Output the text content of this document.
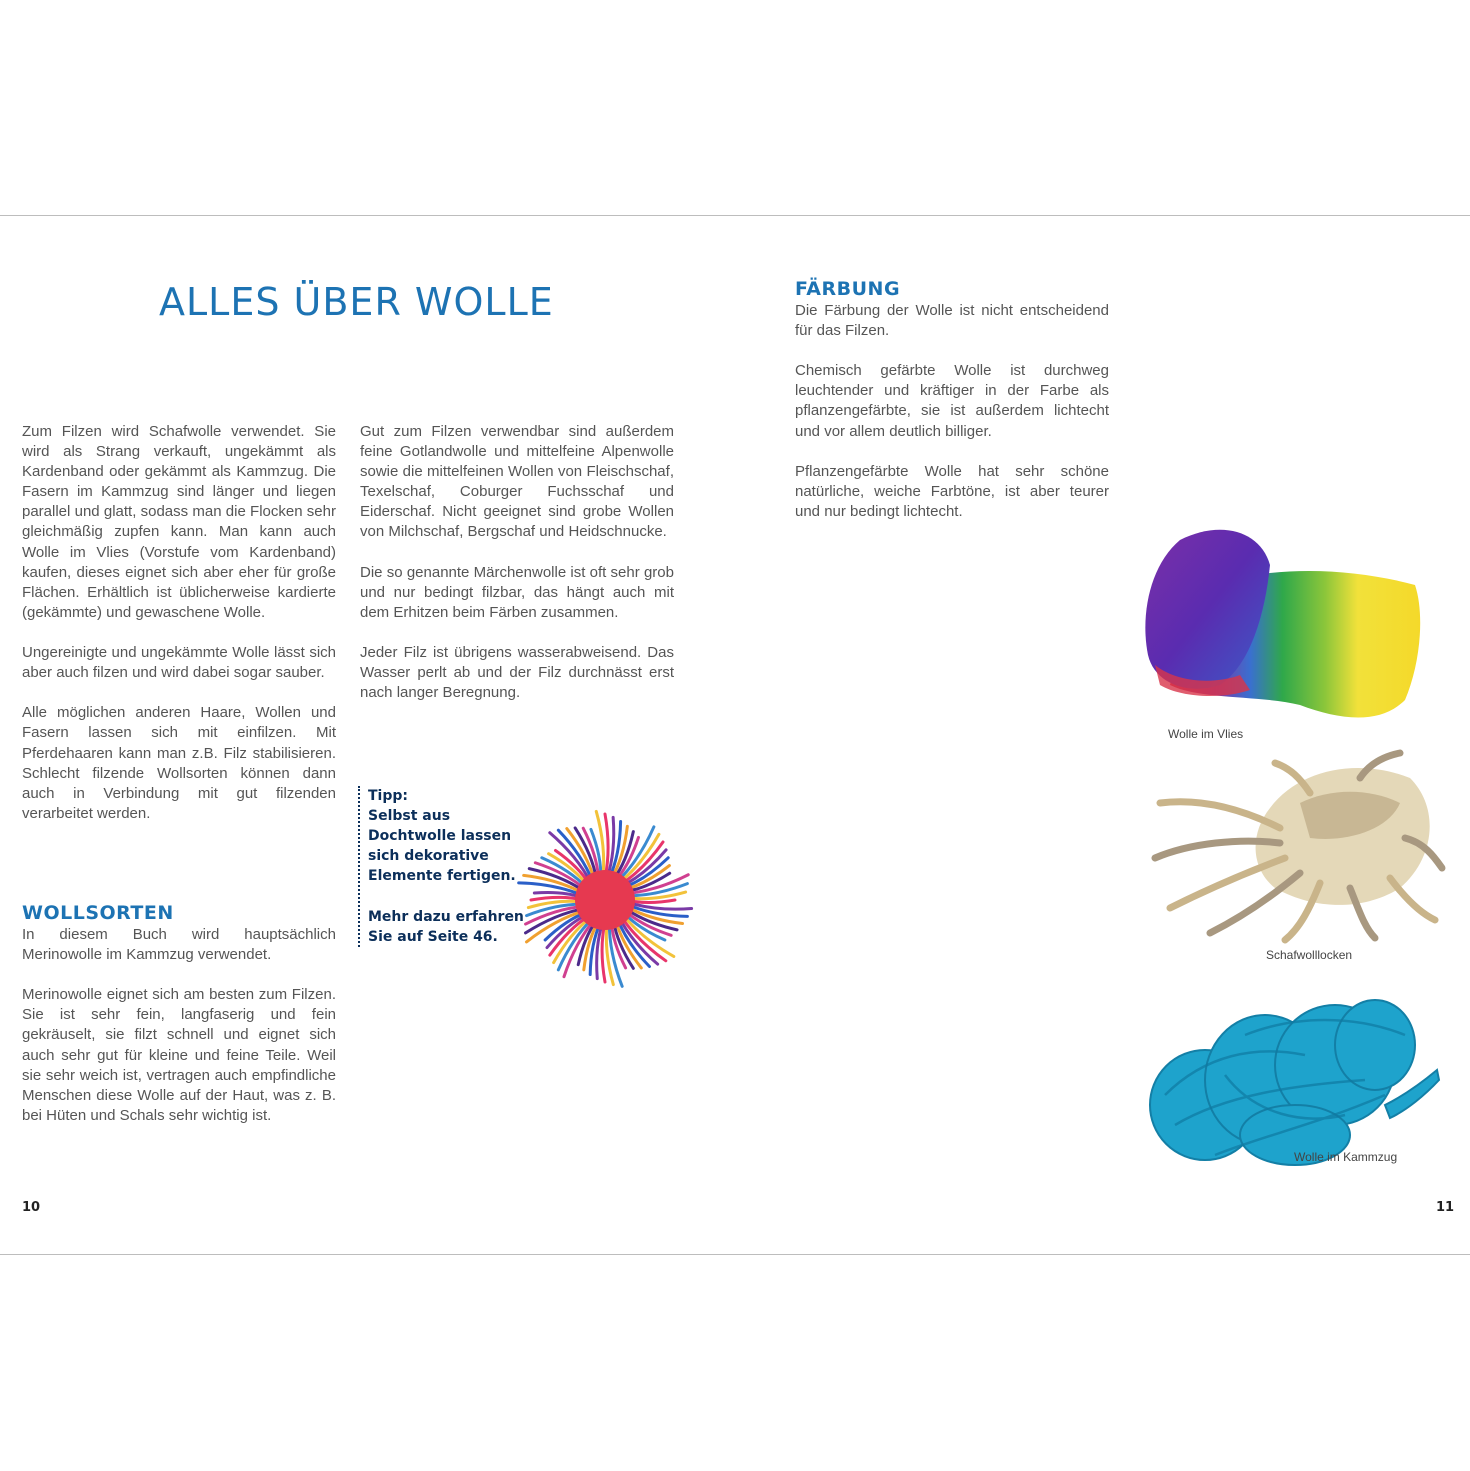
ALLES ÜBER WOLLE

Zum Filzen wird Schafwolle verwendet. Sie wird als Strang verkauft, ungekämmt als Kardenband oder gekämmt als Kammzug. Die Fasern im Kammzug sind länger und liegen parallel und glatt, sodass man die Flocken sehr gleichmäßig zupfen kann. Man kann auch Wolle im Vlies (Vorstufe vom Kardenband) kaufen, dieses eignet sich aber eher für große Flächen. Erhältlich ist üblicherweise kardierte (gekämmte) und gewaschene Wolle.

Ungereinigte und ungekämmte Wolle lässt sich aber auch filzen und wird dabei sogar sauber.

Alle möglichen anderen Haare, Wollen und Fasern lassen sich mit einfilzen. Mit Pferdehaaren kann man z.B. Filz stabilisieren. Schlecht filzende Wollsorten können dann auch in Verbindung mit gut filzenden verarbeitet werden.

WOLLSORTEN

In diesem Buch wird hauptsächlich Merinowolle im Kammzug verwendet.

Merinowolle eignet sich am besten zum Filzen. Sie ist sehr fein, langfaserig und fein gekräuselt, sie filzt schnell und eignet sich auch sehr gut für kleine und feine Teile. Weil sie sehr weich ist, vertragen auch empfindliche Menschen diese Wolle auf der Haut, was z. B. bei Hüten und Schals sehr wichtig ist.

Gut zum Filzen verwendbar sind außerdem feine Gotlandwolle und mittelfeine Alpenwolle sowie die mittelfeinen Wollen von Fleischschaf, Texelschaf, Coburger Fuchsschaf und Eiderschaf. Nicht geeignet sind grobe Wollen von Milchschaf, Bergschaf und Heidschnucke.

Die so genannte Märchenwolle ist oft sehr grob und nur bedingt filzbar, das hängt auch mit dem Erhitzen beim Färben zusammen.

Jeder Filz ist übrigens wasserabweisend. Das Wasser perlt ab und der Filz durchnässt erst nach langer Beregnung.

Tipp:

Selbst aus Dochtwolle lassen sich dekorative Elemente fertigen.

Mehr dazu erfahren Sie auf Seite 46.

FÄRBUNG

Die Färbung der Wolle ist nicht entscheidend für das Filzen.

Chemisch gefärbte Wolle ist durchweg leuchtender und kräftiger in der Farbe als pflanzengefärbte, sie ist außerdem lichtecht und vor allem deutlich billiger.

Pflanzengefärbte Wolle hat sehr schöne natürliche, weiche Farbtöne, ist aber teurer und nur bedingt lichtecht.

Wolle im Vlies
Schafwolllocken
Wolle im Kammzug
10	11
